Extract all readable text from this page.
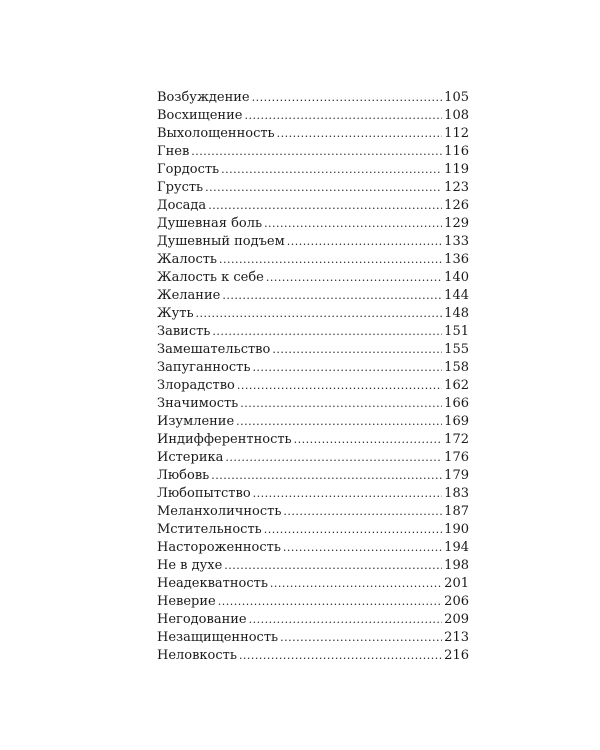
Возбуждение .....	105
Восхищение .....	108
Выхолощенность .....	112
Гнев .....	116
Гордость .....	119
Грусть .....	123
Досада .....	126
Душевная боль .....	129
Душевный подъем .....	133
Жалость .....	136
Жалость к себе .....	140
Желание .....	144
Жуть .....	148
Зависть .....	151
Замешательство .....	155
Запуганность .....	158
Злорадство .....	162
Значимость .....	166
Изумление .....	169
Индифферентность .....	172
Истерика .....	176
Любовь .....	179
Любопытство .....	183
Меланхоличность .....	187
Мстительность .....	190
Настороженность .....	194
Не в духе .....	198
Неадекватность .....	201
Неверие .....	206
Негодование .....	209
Незащищенность .....	213
Неловкость .....	216
